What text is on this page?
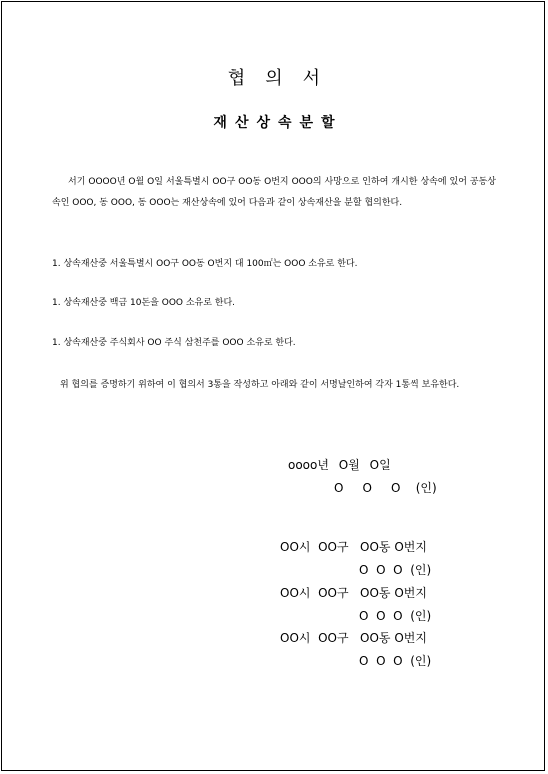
협의서
재산상속분할
서기 OOOO년 O월 O일 서울특별시 OO구 OO동 O번지 OOO의 사망으로 인하여 개시한 상속에 있어 공동상속인 OOO, 동 OOO, 동 OOO는 재산상속에 있어 다음과 같이 상속재산을 분할 협의한다.
1. 상속재산중 서울특별시 OO구 OO동 O번지 대 100㎡는 OOO 소유로 한다.
1. 상속재산중 백금 10돈을 OOO 소유로 한다.
1. 상속재산중 주식회사 OO 주식 삼천주를 OOO 소유로 한다.
위 협의를 증명하기 위하여 이 협의서 3통을 작성하고 아래와 같이 서명날인하여 각자 1통씩 보유한다.
oooo년 O월 O일
O     O     O    (인)
OO시  OO구   OO동 O번지
O  O  O  (인)
OO시  OO구   OO동 O번지
O  O  O  (인)
OO시  OO구   OO동 O번지
O  O  O  (인)
